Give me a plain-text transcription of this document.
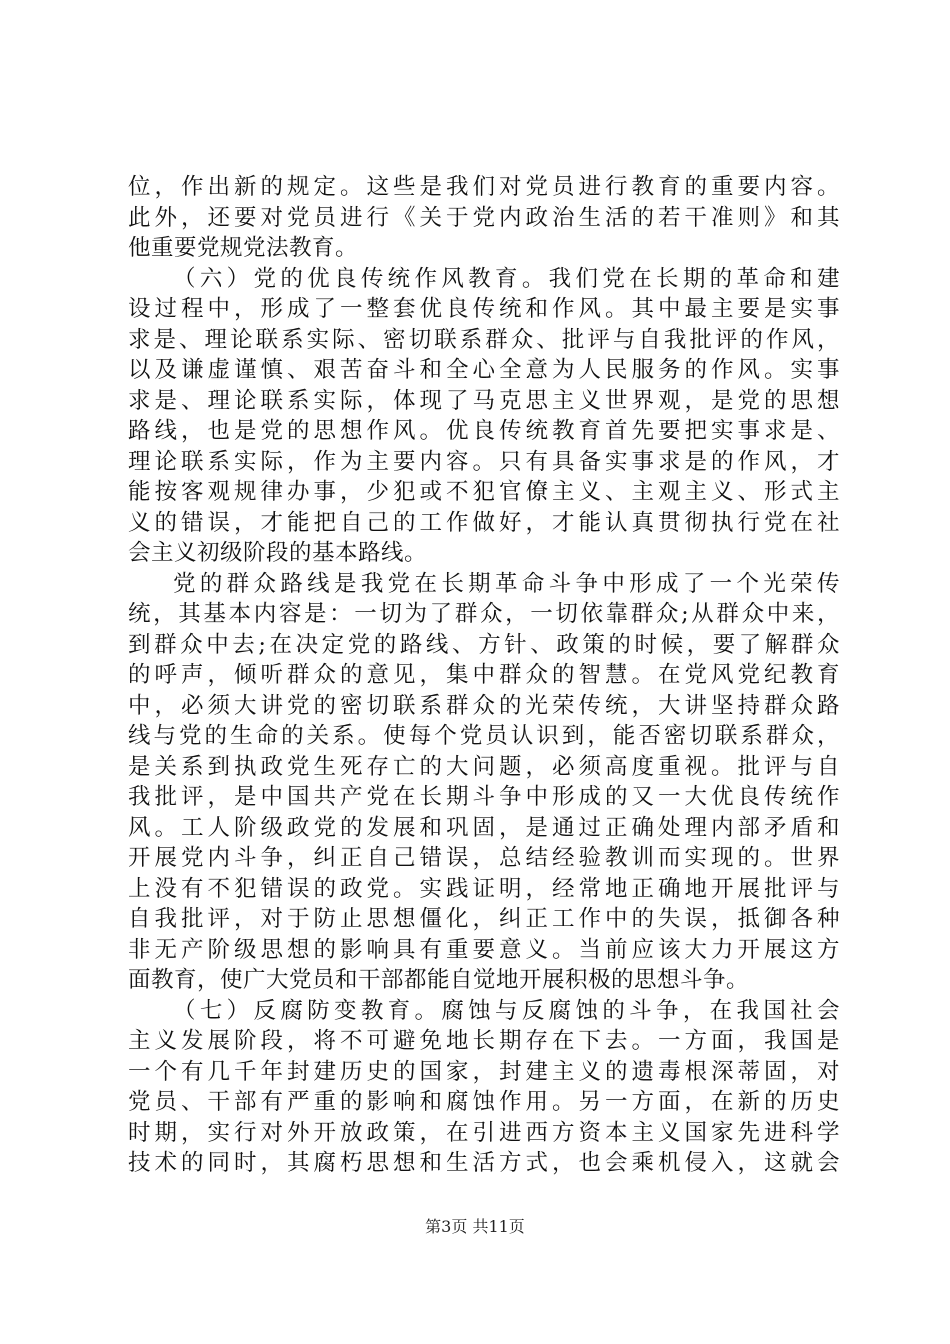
位，作出新的规定。这些是我们对党员进行教育的重要内容。
此外，还要对党员进行《关于党内政治生活的若干准则》和其
他重要党规党法教育。
（六）党的优良传统作风教育。我们党在长期的革命和建
设过程中，形成了一整套优良传统和作风。其中最主要是实事
求是、理论联系实际、密切联系群众、批评与自我批评的作风，
以及谦虚谨慎、艰苦奋斗和全心全意为人民服务的作风。实事
求是、理论联系实际，体现了马克思主义世界观，是党的思想
路线，也是党的思想作风。优良传统教育首先要把实事求是、
理论联系实际，作为主要内容。只有具备实事求是的作风，才
能按客观规律办事，少犯或不犯官僚主义、主观主义、形式主
义的错误，才能把自己的工作做好，才能认真贯彻执行党在社
会主义初级阶段的基本路线。
党的群众路线是我党在长期革命斗争中形成了一个光荣传
统，其基本内容是：一切为了群众，一切依靠群众;从群众中来，
到群众中去;在决定党的路线、方针、政策的时候，要了解群众
的呼声，倾听群众的意见，集中群众的智慧。在党风党纪教育
中，必须大讲党的密切联系群众的光荣传统，大讲坚持群众路
线与党的生命的关系。使每个党员认识到，能否密切联系群众，
是关系到执政党生死存亡的大问题，必须高度重视。批评与自
我批评，是中国共产党在长期斗争中形成的又一大优良传统作
风。工人阶级政党的发展和巩固，是通过正确处理内部矛盾和
开展党内斗争，纠正自己错误，总结经验教训而实现的。世界
上没有不犯错误的政党。实践证明，经常地正确地开展批评与
自我批评，对于防止思想僵化，纠正工作中的失误，抵御各种
非无产阶级思想的影响具有重要意义。当前应该大力开展这方
面教育，使广大党员和干部都能自觉地开展积极的思想斗争。
（七）反腐防变教育。腐蚀与反腐蚀的斗争，在我国社会
主义发展阶段，将不可避免地长期存在下去。一方面，我国是
一个有几千年封建历史的国家，封建主义的遗毒根深蒂固，对
党员、干部有严重的影响和腐蚀作用。另一方面，在新的历史
时期，实行对外开放政策，在引进西方资本主义国家先进科学
技术的同时，其腐朽思想和生活方式，也会乘机侵入，这就会
第3页 共11页
